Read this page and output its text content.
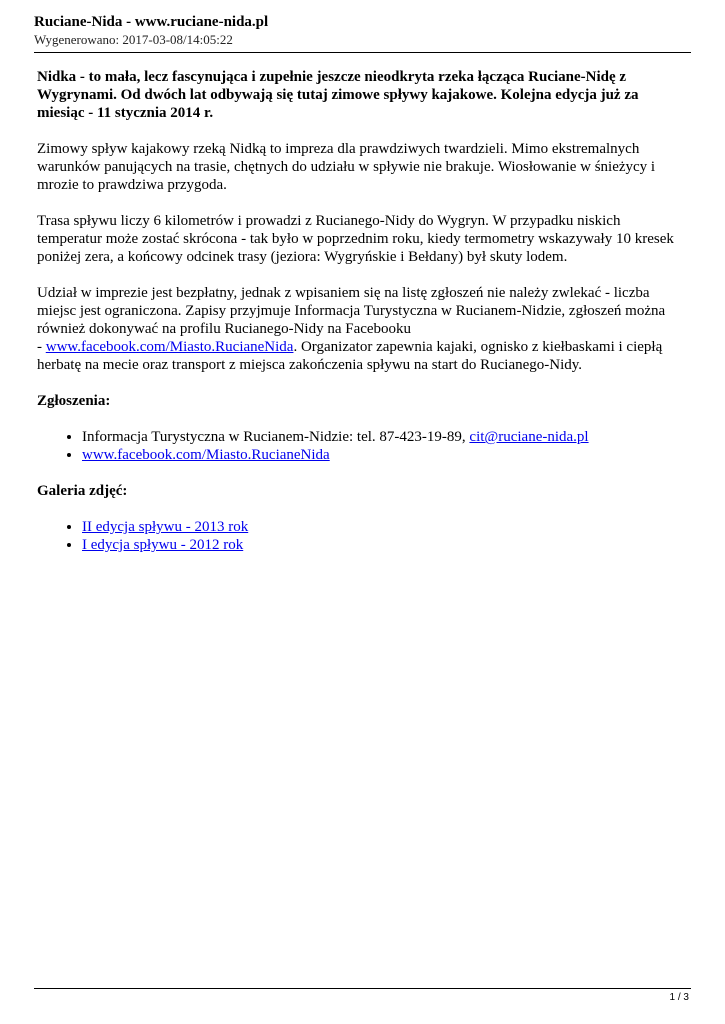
Ruciane-Nida - www.ruciane-nida.pl
Wygenerowano: 2017-03-08/14:05:22
Nidka - to mała, lecz fascynująca i zupełnie jeszcze nieodkryta rzeka łącząca Ruciane-Nidę z Wygrynami. Od dwóch lat odbywają się tutaj zimowe spływy kajakowe. Kolejna edycja już za miesiąc - 11 stycznia 2014 r.

Zimowy spływ kajakowy rzeką Nidką to impreza dla prawdziwych twardzieli. Mimo ekstremalnych warunków panujących na trasie, chętnych do udziału w spływie nie brakuje. Wiosłowanie w śnieżycy i mrozie to prawdziwa przygoda.

Trasa spływu liczy 6 kilometrów i prowadzi z Rucianego-Nidy do Wygryn. W przypadku niskich temperatur może zostać skrócona - tak było w poprzednim roku, kiedy termometry wskazywały 10 kresek poniżej zera, a końcowy odcinek trasy (jeziora: Wygryńskie i Bełdany) był skuty lodem.

Udział w imprezie jest bezpłatny, jednak z wpisaniem się na listę zgłoszeń nie należy zwlekać - liczba miejsc jest ograniczona. Zapisy przyjmuje Informacja Turystyczna w Rucianem-Nidzie, zgłoszeń można również dokonywać na profilu Rucianego-Nidy na Facebooku
- www.facebook.com/Miasto.RucianeNida. Organizator zapewnia kajaki, ognisko z kiełbaskami i ciepłą herbatę na mecie oraz transport z miejsca zakończenia spływu na start do Rucianego-Nidy.

Zgłoszenia:
• Informacja Turystyczna w Rucianem-Nidzie: tel. 87-423-19-89, cit@ruciane-nida.pl
• www.facebook.com/Miasto.RucianeNida
Galeria zdjęć:
• II edycja spływu - 2013 rok
• I edycja spływu - 2012 rok
1 / 3
